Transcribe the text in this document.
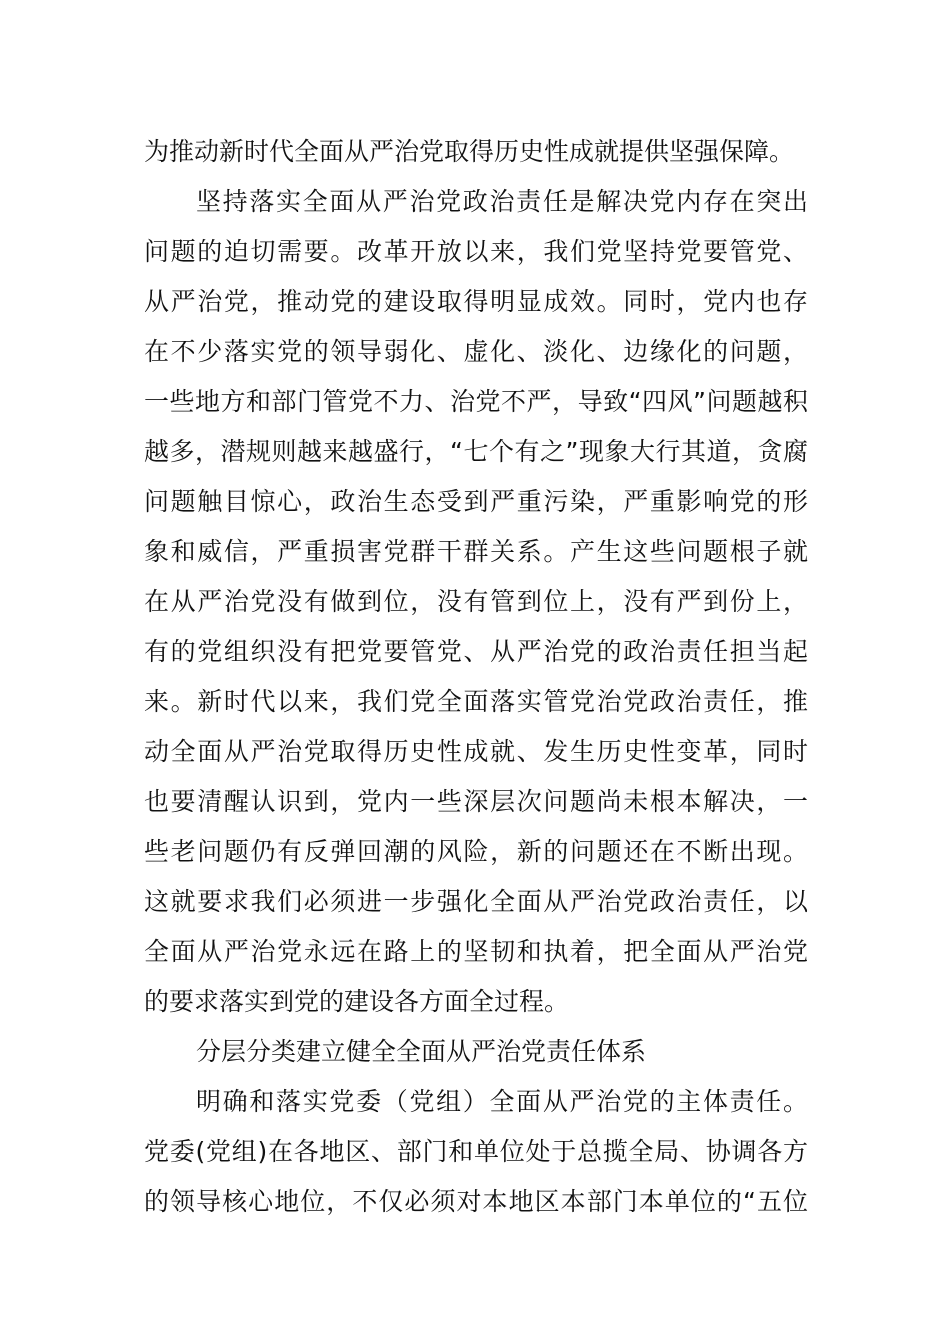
为推动新时代全面从严治党取得历史性成就提供坚强保障。
坚持落实全面从严治党政治责任是解决党内存在突出
问题的迫切需要。改革开放以来，我们党坚持党要管党、
从严治党，推动党的建设取得明显成效。同时，党内也存
在不少落实党的领导弱化、虚化、淡化、边缘化的问题，
一些地方和部门管党不力、治党不严，导致“四风”问题越积
越多，潜规则越来越盛行，“七个有之”现象大行其道，贪腐
问题触目惊心，政治生态受到严重污染，严重影响党的形
象和威信，严重损害党群干群关系。产生这些问题根子就
在从严治党没有做到位，没有管到位上，没有严到份上，
有的党组织没有把党要管党、从严治党的政治责任担当起
来。新时代以来，我们党全面落实管党治党政治责任，推
动全面从严治党取得历史性成就、发生历史性变革，同时
也要清醒认识到，党内一些深层次问题尚未根本解决，一
些老问题仍有反弹回潮的风险，新的问题还在不断出现。
这就要求我们必须进一步强化全面从严治党政治责任，以
全面从严治党永远在路上的坚韧和执着，把全面从严治党
的要求落实到党的建设各方面全过程。
分层分类建立健全全面从严治党责任体系
明确和落实党委（党组）全面从严治党的主体责任。
党委(党组)在各地区、部门和单位处于总揽全局、协调各方
的领导核心地位，不仅必须对本地区本部门本单位的“五位
